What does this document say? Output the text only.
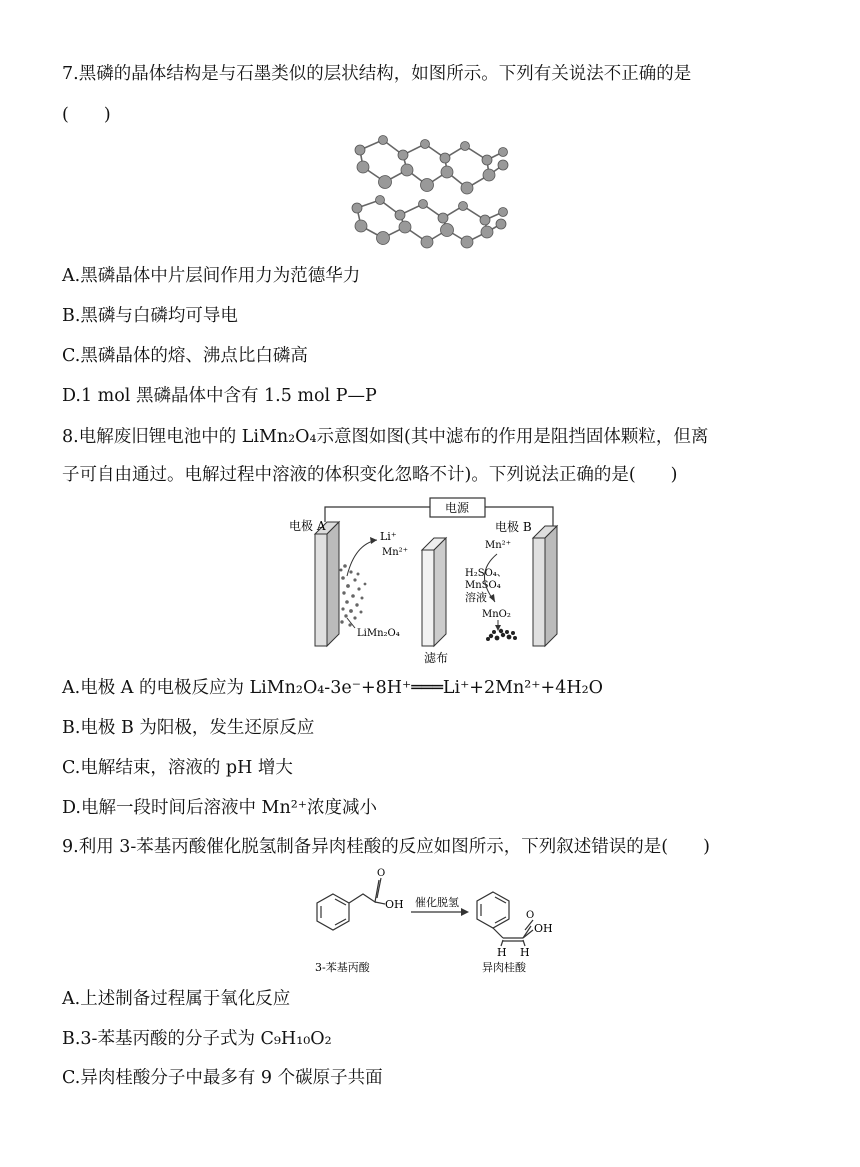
7.黑磷的晶体结构是与石墨类似的层状结构，如图所示。下列有关说法不正确的是
(　　)
A.黑磷晶体中片层间作用力为范德华力
B.黑磷与白磷均可导电
C.黑磷晶体的熔、沸点比白磷高
D.1 mol 黑磷晶体中含有 1.5 mol P—P
8.电解废旧锂电池中的 LiMn₂O₄示意图如图(其中滤布的作用是阻挡固体颗粒，但离
子可自由通过。电解过程中溶液的体积变化忽略不计)。下列说法正确的是(　　)
电源
电极 A	电极 B
Li⁺
Mn²⁺
Mn²⁺
H₂SO₄、
MnSO₄
溶液
MnO₂
LiMn₂O₄
滤布
A.电极 A 的电极反应为 LiMn₂O₄-3e⁻+8H⁺═══Li⁺+2Mn²⁺+4H₂O
B.电极 B 为阳极，发生还原反应
C.电解结束，溶液的 pH 增大
D.电解一段时间后溶液中 Mn²⁺浓度减小
9.利用 3-苯基丙酸催化脱氢制备异肉桂酸的反应如图所示，下列叙述错误的是(　　)
O
O
OH 催化脱氢
OH
H H
3-苯基丙酸	异肉桂酸
A.上述制备过程属于氧化反应
B.3-苯基丙酸的分子式为 C₉H₁₀O₂
C.异肉桂酸分子中最多有 9 个碳原子共面
